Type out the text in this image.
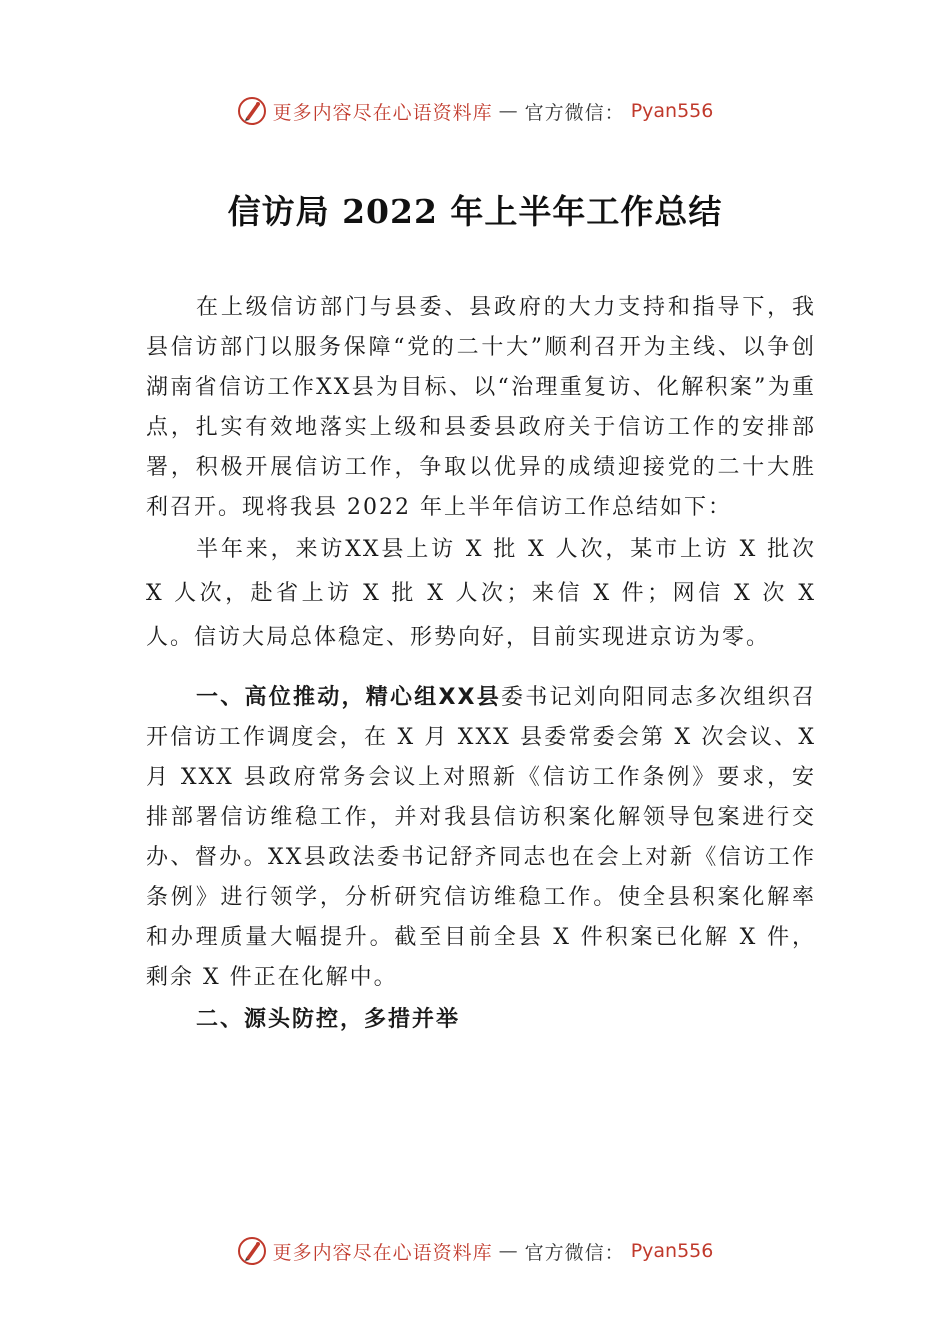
更多内容尽在心语资料库 — 官方微信： Pyan556
信访局 2022 年上半年工作总结

在上级信访部门与县委、县政府的大力支持和指导下，我县信访部门以服务保障“党的二十大”顺利召开为主线、以争创湖南省信访工作XX县为目标、以“治理重复访、化解积案”为重点，扎实有效地落实上级和县委县政府关于信访工作的安排部署，积极开展信访工作，争取以优异的成绩迎接党的二十大胜利召开。现将我县 2022 年上半年信访工作总结如下：

半年来，来访XX县上访 X 批 X 人次，某市上访 X 批次 X 人次，赴省上访 X 批 X 人次；来信 X 件；网信 X 次 X 人。信访大局总体稳定、形势向好，目前实现进京访为零。

一、高位推动，精心组XX县委书记刘向阳同志多次组织召开信访工作调度会，在 X 月 XXX 县委常委会第 X 次会议、X 月 XXX 县政府常务会议上对照新《信访工作条例》要求，安排部署信访维稳工作，并对我县信访积案化解领导包案进行交办、督办。XX县政法委书记舒齐同志也在会上对新《信访工作条例》进行领学，分析研究信访维稳工作。使全县积案化解率和办理质量大幅提升。截至目前全县 X 件积案已化解 X 件，剩余 X 件正在化解中。

二、源头防控，多措并举

更多内容尽在心语资料库 — 官方微信： Pyan556
